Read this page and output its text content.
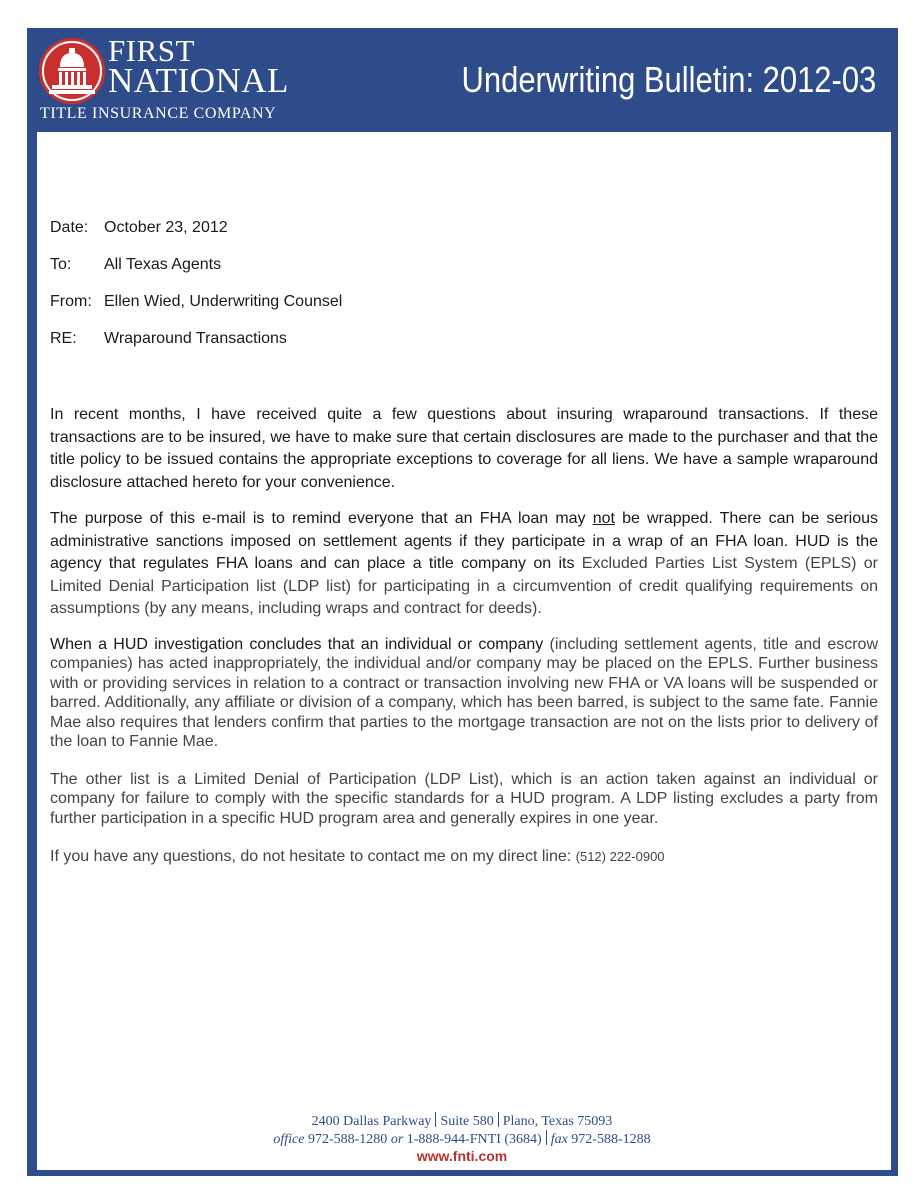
FIRST
NATIONAL
TITLE INSURANCE COMPANY
Underwriting Bulletin: 2012-03
Date: October 23, 2012
To:	All Texas Agents
From: Ellen Wied, Underwriting Counsel
RE:	Wraparound Transactions

In recent months, I have received quite a few questions about insuring wraparound transactions. If these transactions are to be insured, we have to make sure that certain disclosures are made to the purchaser and that the title policy to be issued contains the appropriate exceptions to coverage for all liens. We have a sample wraparound disclosure attached hereto for your convenience.

The purpose of this e-mail is to remind everyone that an FHA loan may not be wrapped. There can be serious administrative sanctions imposed on settlement agents if they participate in a wrap of an FHA loan. HUD is the agency that regulates FHA loans and can place a title company on its Excluded Parties List System (EPLS) or Limited Denial Participation list (LDP list) for participating in a circumvention of credit qualifying requirements on assumptions (by any means, including wraps and contract for deeds).

When a HUD investigation concludes that an individual or company (including settlement agents, title and escrow companies) has acted inappropriately, the individual and/or company may be placed on the EPLS. Further business with or providing services in relation to a contract or transaction involving new FHA or VA loans will be suspended or barred. Additionally, any affiliate or division of a company, which has been barred, is subject to the same fate. Fannie Mae also requires that lenders confirm that parties to the mortgage transaction are not on the lists prior to delivery of the loan to Fannie Mae.

The other list is a Limited Denial of Participation (LDP List), which is an action taken against an individual or company for failure to comply with the specific standards for a HUD program. A LDP listing excludes a party from further participation in a specific HUD program area and generally expires in one year.

If you have any questions, do not hesitate to contact me on my direct line: (512) 222-0900

2400 Dallas Parkway Suite 580 Plano, Texas 75093
office 972-588-1280 or 1-888-944-FNTI (3684) fax 972-588-1288
www.fnti.com
